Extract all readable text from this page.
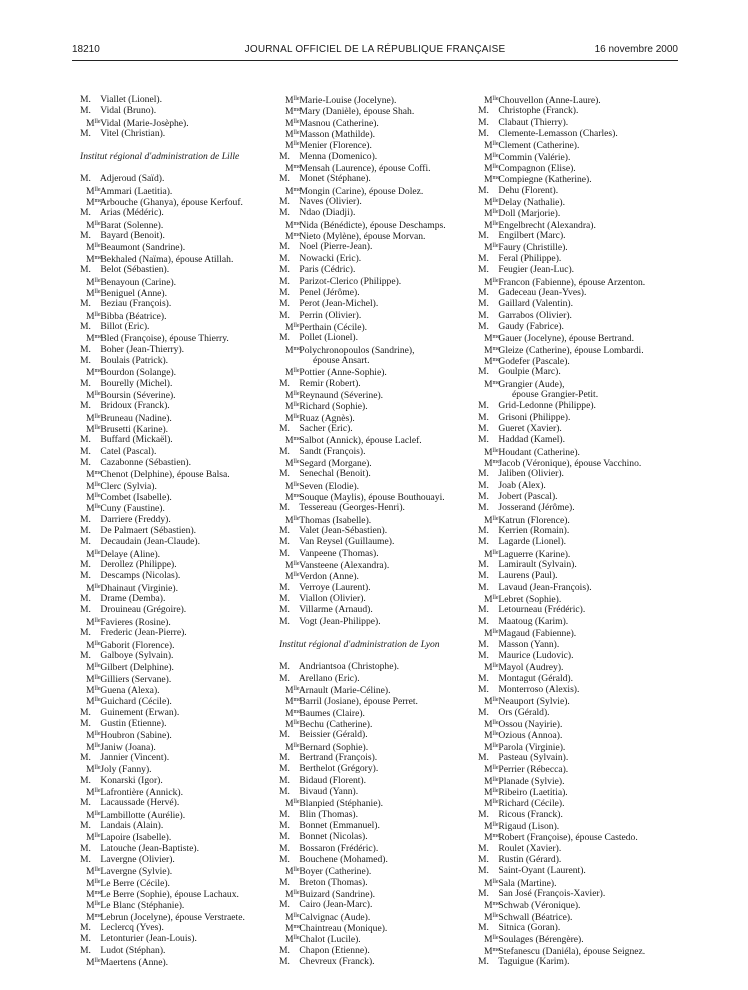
18210	JOURNAL OFFICIEL DE LA RÉPUBLIQUE FRANÇAISE	16 novembre 2000
M. Viallet (Lionel).
M. Vidal (Bruno).
$M^{lle}$ Vidal (Marie-Josèphe).
M. Vitel (Christian).
Institut régional d'administration de Lille
M. Adjeroud (Saïd).
$M^{lle}$ Ammari (Laetitia).
$M^{me}$ Arbouche (Ghanya), épouse Kerfouf.
M. Arias (Médéric).
$M^{lle}$ Barat (Solenne).
M. Bayard (Benoit).
$M^{lle}$ Beaumont (Sandrine).
$M^{me}$ Bekhaled (Naïma), épouse Atillah.
M. Belot (Sébastien).
$M^{lle}$ Benayoun (Carine).
$M^{lle}$ Beniguel (Anne).
M. Beziau (François).
$M^{lle}$ Bibba (Béatrice).
M. Billot (Eric).
$M^{me}$ Bled (Françoise), épouse Thierry.
M. Boher (Jean-Thierry).
M. Boulais (Patrick).
$M^{me}$ Bourdon (Solange).
M. Bourelly (Michel).
$M^{lle}$ Boursin (Séverine).
M. Bridoux (Franck).
$M^{lle}$ Bruneau (Nadine).
$M^{lle}$ Brusetti (Karine).
M. Buffard (Mickaël).
M. Catel (Pascal).
M. Cazabonne (Sébastien).
$M^{me}$ Chenot (Delphine), épouse Balsa.
$M^{lle}$ Clerc (Sylvia).
$M^{lle}$ Combet (Isabelle).
$M^{lle}$ Cuny (Faustine).
M. Darriere (Freddy).
M. De Palmaert (Sébastien).
M. Decaudain (Jean-Claude).
$M^{lle}$ Delaye (Aline).
M. Derollez (Philippe).
M. Descamps (Nicolas).
$M^{lle}$ Dhainaut (Virginie).
M. Drame (Demba).
M. Drouineau (Grégoire).
$M^{lle}$ Favieres (Rosine).
M. Frederic (Jean-Pierre).
$M^{lle}$ Gaborit (Florence).
M. Galboye (Sylvain).
$M^{lle}$ Gilbert (Delphine).
$M^{lle}$ Gilliers (Servane).
$M^{lle}$ Guena (Alexa).
$M^{lle}$ Guichard (Cécile).
M. Guinement (Erwan).
M. Gustin (Etienne).
$M^{lle}$ Houbron (Sabine).
$M^{lle}$ Janiw (Joana).
M. Jannier (Vincent).
$M^{lle}$ Joly (Fanny).
M. Konarski (Igor).
$M^{lle}$ Lafrontière (Annick).
M. Lacaussade (Hervé).
$M^{lle}$ Lambillotte (Aurélie).
M. Landais (Alain).
$M^{lle}$ Lapoire (Isabelle).
M. Latouche (Jean-Baptiste).
M. Lavergne (Olivier).
$M^{lle}$ Lavergne (Sylvie).
$M^{lle}$ Le Berre (Cécile).
$M^{me}$ Le Berre (Sophie), épouse Lachaux.
$M^{lle}$ Le Blanc (Stéphanie).
$M^{me}$ Lebrun (Jocelyne), épouse Verstraete.
M. Leclercq (Yves).
M. Letonturier (Jean-Louis).
M. Ludot (Stéphan).
$M^{lle}$ Maertens (Anne).
$M^{lle}$ Marie-Louise (Jocelyne).
$M^{me}$ Mary (Danièle), épouse Shah.
$M^{lle}$ Masnou (Catherine).
$M^{lle}$ Masson (Mathilde).
$M^{lle}$ Menier (Florence).
M. Menna (Domenico).
$M^{me}$ Mensah (Laurence), épouse Coffi.
M. Monet (Stéphane).
$M^{me}$ Mongin (Carine), épouse Dolez.
M. Naves (Olivier).
M. Ndao (Diadji).
$M^{me}$ Nida (Bénédicte), épouse Deschamps.
$M^{me}$ Nieto (Mylène), épouse Morvan.
M. Noel (Pierre-Jean).
M. Nowacki (Eric).
M. Paris (Cédric).
M. Parizot-Clerico (Philippe).
M. Penel (Jérôme).
M. Perot (Jean-Michel).
M. Perrin (Olivier).
$M^{lle}$ Perthain (Cécile).
M. Pollet (Lionel).
$M^{me}$ Polychronopoulos (Sandrine),
épouse Ansart.
$M^{lle}$ Pottier (Anne-Sophie).
M. Remir (Robert).
$M^{lle}$ Reynaund (Séverine).
$M^{lle}$ Richard (Sophie).
$M^{lle}$ Ruaz (Agnès).
M. Sacher (Eric).
$M^{me}$ Salbot (Annick), épouse Laclef.
M. Sandt (François).
$M^{lle}$ Segard (Morgane).
M. Senechal (Benoit).
$M^{lle}$ Seven (Elodie).
$M^{me}$ Souque (Maylis), épouse Bouthouayi.
M. Tessereau (Georges-Henri).
$M^{lle}$ Thomas (Isabelle).
M. Valet (Jean-Sébastien).
M. Van Reysel (Guillaume).
M. Vanpeene (Thomas).
$M^{lle}$ Vansteene (Alexandra).
$M^{lle}$ Verdon (Anne).
M. Verroye (Laurent).
M. Viallon (Olivier).
M. Villarme (Arnaud).
M. Vogt (Jean-Philippe).
Institut régional d'administration de Lyon
M. Andriantsoa (Christophe).
M. Arellano (Eric).
$M^{lle}$ Arnault (Marie-Céline).
$M^{me}$ Barril (Josiane), épouse Perret.
$M^{me}$ Baumes (Claire).
$M^{lle}$ Bechu (Catherine).
M. Beissier (Gérald).
$M^{lle}$ Bernard (Sophie).
M. Bertrand (François).
M. Berthelot (Grégory).
M. Bidaud (Florent).
M. Bivaud (Yann).
$M^{lle}$ Blanpied (Stéphanie).
M. Blin (Thomas).
M. Bonnet (Emmanuel).
M. Bonnet (Nicolas).
M. Bossaron (Frédéric).
M. Bouchene (Mohamed).
$M^{lle}$ Boyer (Catherine).
M. Breton (Thomas).
$M^{lle}$ Buizard (Sandrine).
M. Cairo (Jean-Marc).
$M^{lle}$ Calvignac (Aude).
$M^{me}$ Chaintreau (Monique).
$M^{lle}$ Chalot (Lucile).
M. Chapon (Etienne).
M. Chevreux (Franck).
$M^{lle}$ Chouvellon (Anne-Laure).
M. Christophe (Franck).
M. Clabaut (Thierry).
M. Clemente-Lemasson (Charles).
$M^{lle}$ Clement (Catherine).
$M^{lle}$ Commin (Valérie).
$M^{lle}$ Compagnon (Elise).
$M^{me}$ Compiegne (Katherine).
M. Dehu (Florent).
$M^{lle}$ Delay (Nathalie).
$M^{lle}$ Doll (Marjorie).
$M^{lle}$ Engelbrecht (Alexandra).
M. Engilbert (Marc).
$M^{lle}$ Faury (Christille).
M. Feral (Philippe).
M. Feugier (Jean-Luc).
$M^{lle}$ Francon (Fabienne), épouse Arzenton.
M. Gadeceau (Jean-Yves).
M. Gaillard (Valentin).
M. Garrabos (Olivier).
M. Gaudy (Fabrice).
$M^{me}$ Gauer (Jocelyne), épouse Bertrand.
$M^{me}$ Gleize (Catherine), épouse Lombardi.
$M^{me}$ Godefer (Pascale).
M. Goulpie (Marc).
$M^{me}$ Grangier (Aude),
épouse Grangier-Petit.
M. Grid-Ledonne (Philippe).
M. Grisoni (Philippe).
M. Gueret (Xavier).
M. Haddad (Kamel).
$M^{lle}$ Houdant (Catherine).
$M^{me}$ Jacob (Véronique), épouse Vacchino.
M. Jaliben (Olivier).
M. Joab (Alex).
M. Jobert (Pascal).
M. Josserand (Jérôme).
$M^{lle}$ Katrun (Florence).
M. Kerrien (Romain).
M. Lagarde (Lionel).
$M^{lle}$ Laguerre (Karine).
M. Lamirault (Sylvain).
M. Laurens (Paul).
M. Lavaud (Jean-François).
$M^{lle}$ Lebret (Sophie).
M. Letourneau (Frédéric).
M. Maatoug (Karim).
$M^{lle}$ Magaud (Fabienne).
M. Masson (Yann).
M. Maurice (Ludovic).
$M^{lle}$ Mayol (Audrey).
M. Montagut (Gérald).
M. Monterroso (Alexis).
$M^{lle}$ Neauport (Sylvie).
M. Ors (Gérald).
$M^{lle}$ Ossou (Nayirie).
$M^{lle}$ Ozious (Annoa).
$M^{lle}$ Parola (Virginie).
M. Pasteau (Sylvain).
$M^{lle}$ Perrier (Rébecca).
$M^{lle}$ Planade (Sylvie).
$M^{lle}$ Ribeiro (Laetitia).
$M^{lle}$ Richard (Cécile).
M. Ricous (Franck).
$M^{lle}$ Rigaud (Lison).
$M^{me}$ Robert (Françoise), épouse Castedo.
M. Roulet (Xavier).
M. Rustin (Gérard).
M. Saint-Oyant (Laurent).
$M^{lle}$ Sala (Martine).
M. San José (François-Xavier).
$M^{me}$ Schwab (Véronique).
$M^{lle}$ Schwall (Béatrice).
M. Sitnica (Goran).
$M^{lle}$ Soulages (Bérengère).
$M^{me}$ Stefanescu (Daniéla), épouse Seignez.
M. Taguigue (Karim).
